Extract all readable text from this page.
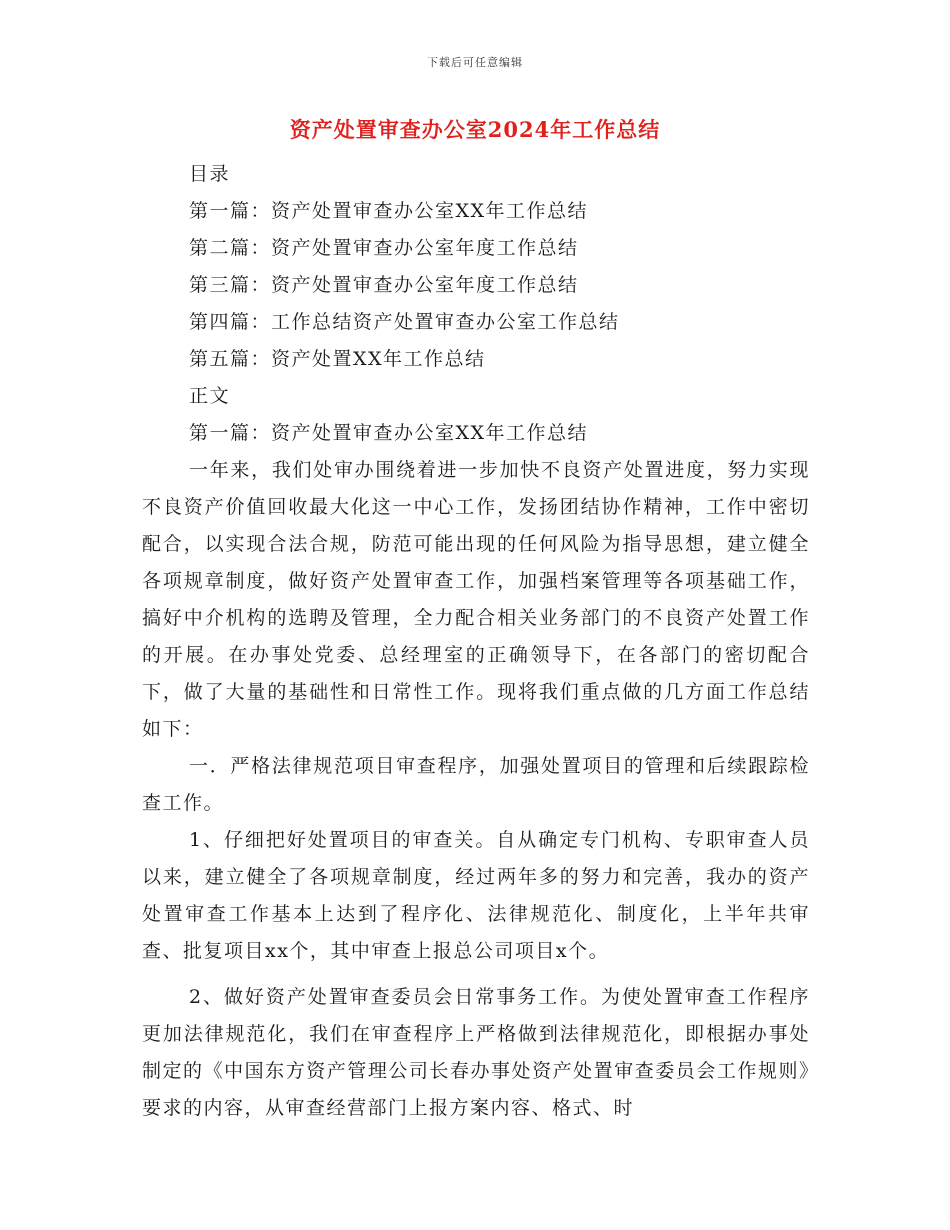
下载后可任意编辑
资产处置审查办公室2024年工作总结

目录

第一篇：资产处置审查办公室XX年工作总结

第二篇：资产处置审查办公室年度工作总结

第三篇：资产处置审查办公室年度工作总结

第四篇：工作总结资产处置审查办公室工作总结

第五篇：资产处置XX年工作总结

正文

第一篇：资产处置审查办公室XX年工作总结

一年来，我们处审办围绕着进一步加快不良资产处置进度，努力实现不良资产价值回收最大化这一中心工作，发扬团结协作精神，工作中密切配合，以实现合法合规，防范可能出现的任何风险为指导思想，建立健全各项规章制度，做好资产处置审查工作，加强档案管理等各项基础工作，搞好中介机构的选聘及管理，全力配合相关业务部门的不良资产处置工作的开展。在办事处党委、总经理室的正确领导下，在各部门的密切配合下，做了大量的基础性和日常性工作。现将我们重点做的几方面工作总结如下：

一．严格法律规范项目审查程序，加强处置项目的管理和后续跟踪检查工作。

1、仔细把好处置项目的审查关。自从确定专门机构、专职审查人员以来，建立健全了各项规章制度，经过两年多的努力和完善，我办的资产处置审查工作基本上达到了程序化、法律规范化、制度化，上半年共审查、批复项目xx个，其中审查上报总公司项目x个。

2、做好资产处置审查委员会日常事务工作。为使处置审查工作程序更加法律规范化，我们在审查程序上严格做到法律规范化，即根据办事处制定的《中国东方资产管理公司长春办事处资产处置审查委员会工作规则》要求的内容，从审查经营部门上报方案内容、格式、时
